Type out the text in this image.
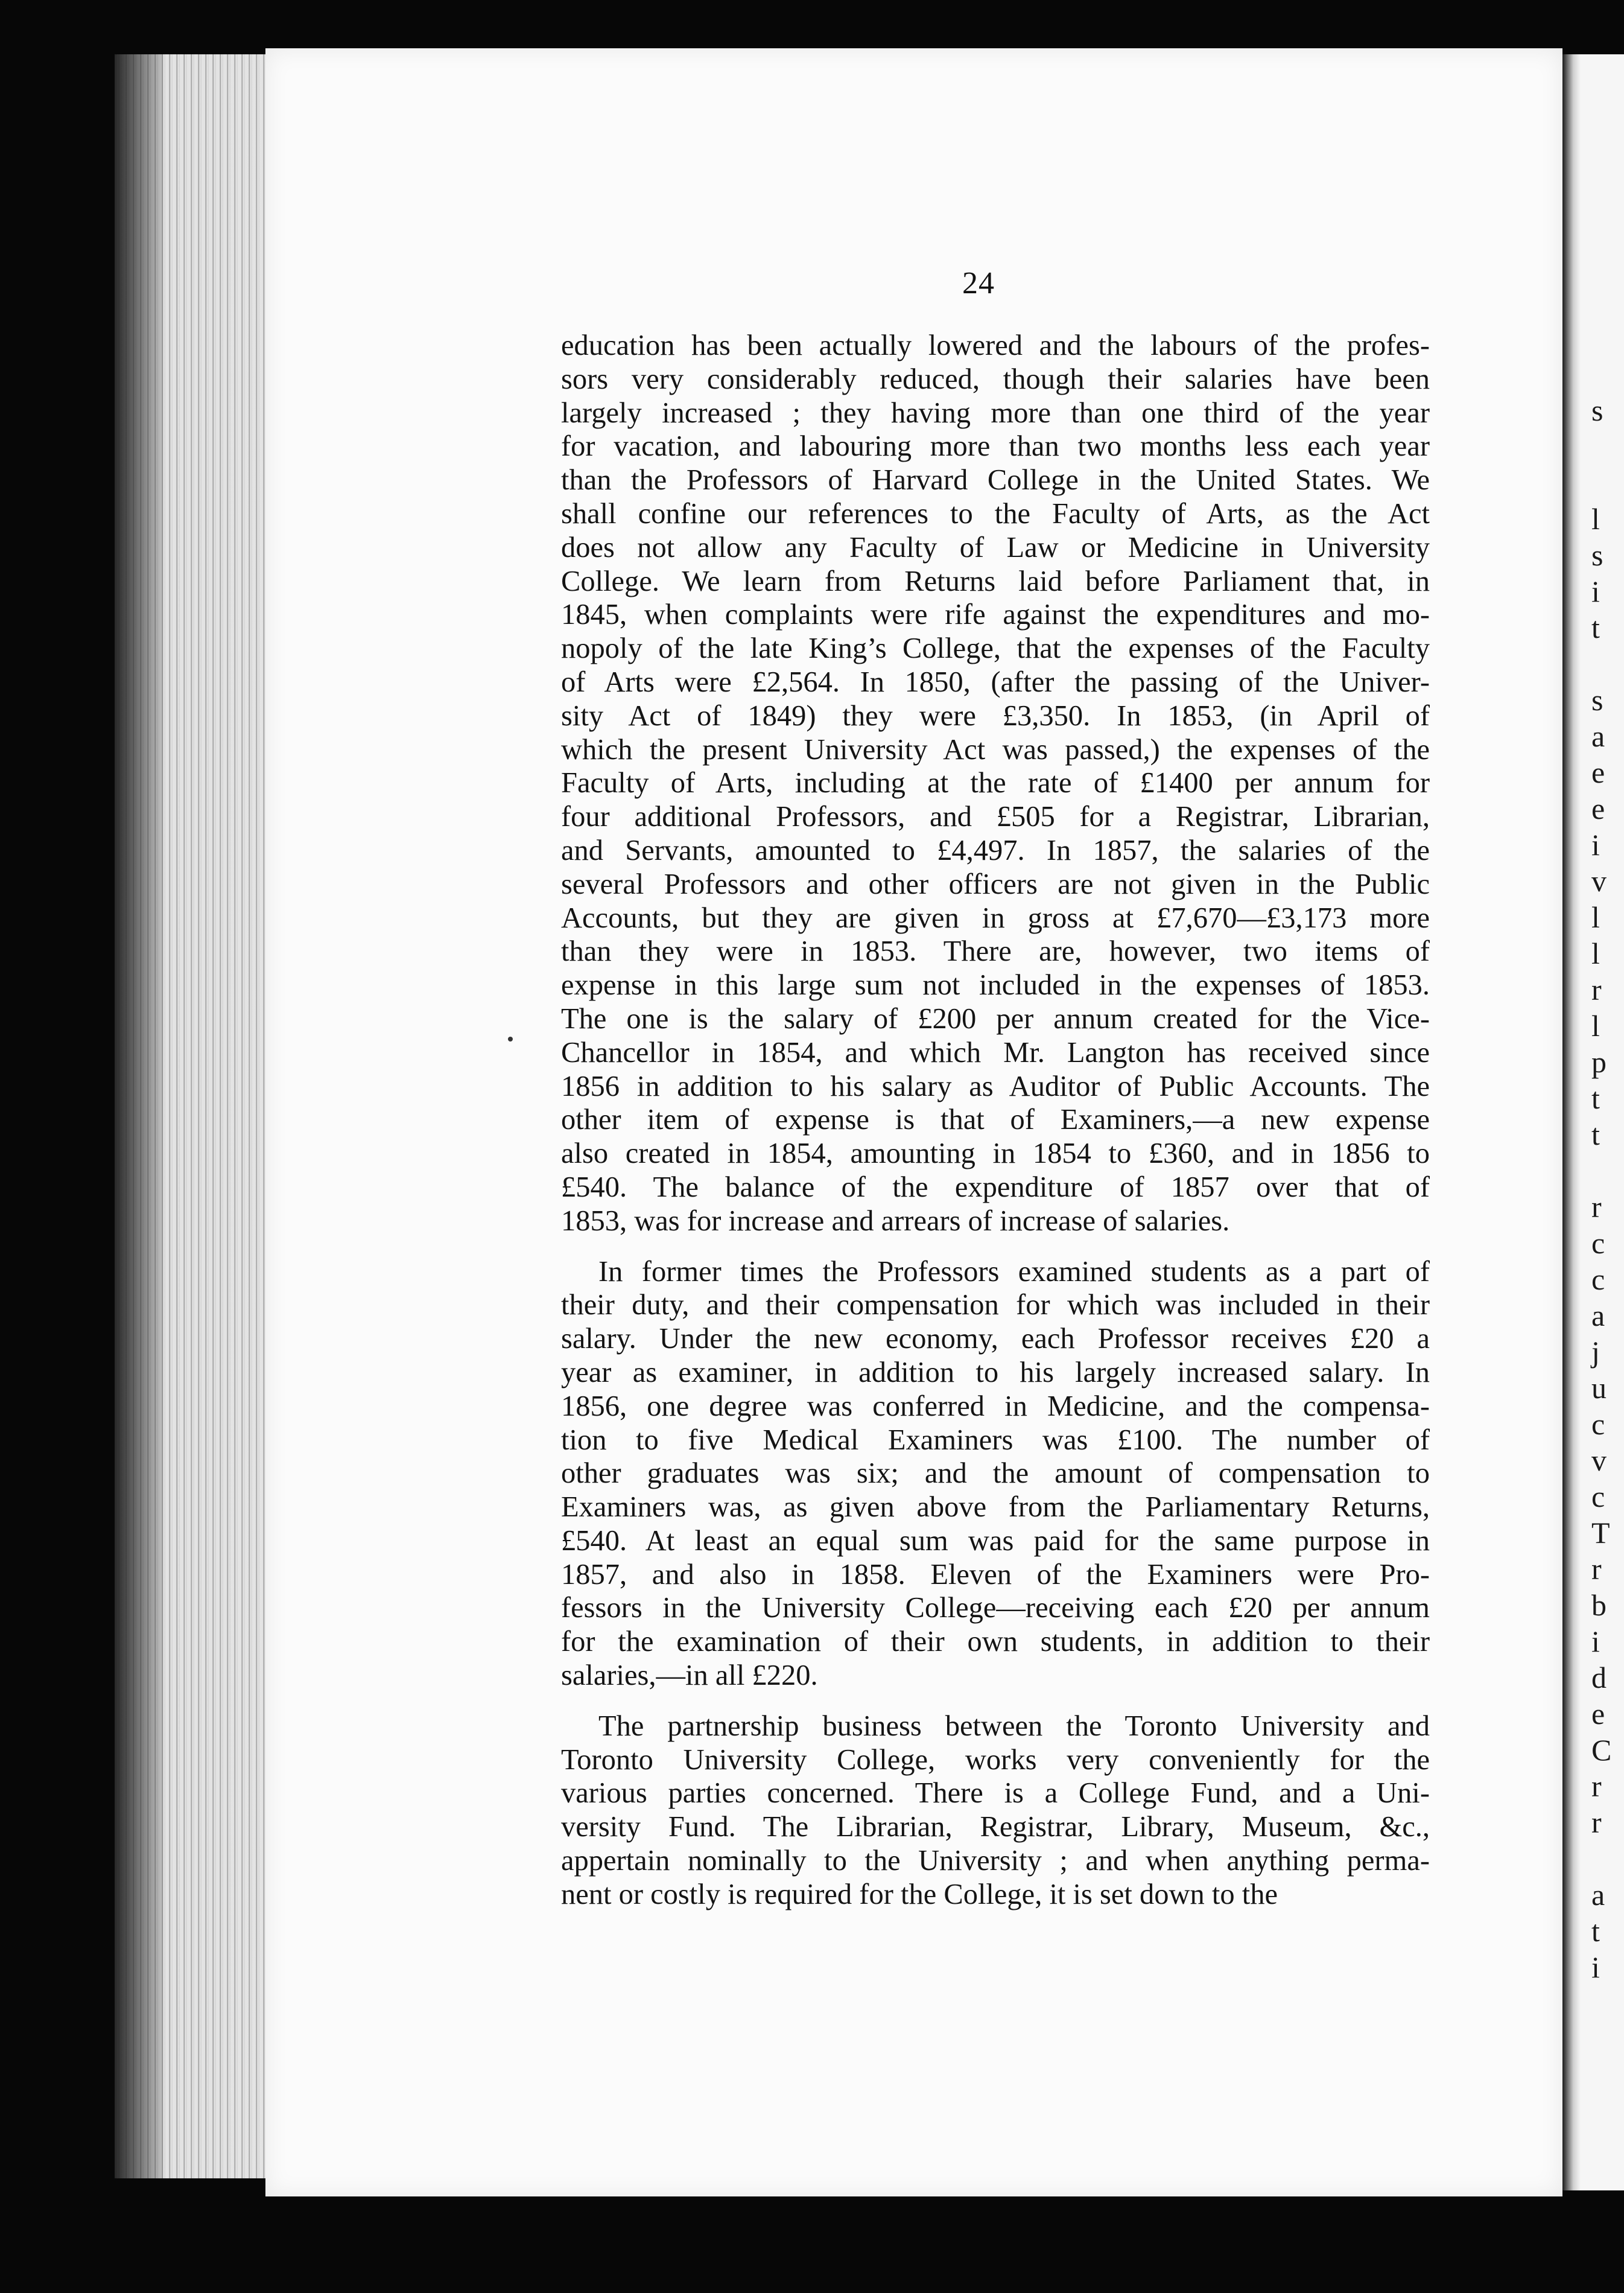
s

l
s
i
t

s
a
e
e
i
v
l
l
r
l
p
t
t

r
c
c
a
j
u
c
v
c
T
r
b
i
d
e
C
r
r

a
t
i
24

education has been actually lowered and the labours of the profes-
sors very considerably reduced, though their salaries have been
largely increased ; they having more than one third of the year
for vacation, and labouring more than two months less each year
than the Professors of Harvard College in the United States. We
shall confine our references to the Faculty of Arts, as the Act
does not allow any Faculty of Law or Medicine in University
College. We learn from Returns laid before Parliament that, in
1845, when complaints were rife against the expenditures and mo-
nopoly of the late King’s College, that the expenses of the Faculty
of Arts were £2,564. In 1850, (after the passing of the Univer-
sity Act of 1849) they were £3,350. In 1853, (in April of
which the present University Act was passed,) the expenses of the
Faculty of Arts, including at the rate of £1400 per annum for
four additional Professors, and £505 for a Registrar, Librarian,
and Servants, amounted to £4,497. In 1857, the salaries of the
several Professors and other officers are not given in the Public
Accounts, but they are given in gross at £7,670—£3,173 more
than they were in 1853. There are, however, two items of
expense in this large sum not included in the expenses of 1853.
The one is the salary of £200 per annum created for the Vice-
Chancellor in 1854, and which Mr. Langton has received since
1856 in addition to his salary as Auditor of Public Accounts. The
other item of expense is that of Examiners,—a new expense
also created in 1854, amounting in 1854 to £360, and in 1856 to
£540. The balance of the expenditure of 1857 over that of
1853, was for increase and arrears of increase of salaries.

In former times the Professors examined students as a part of
their duty, and their compensation for which was included in their
salary. Under the new economy, each Professor receives £20 a
year as examiner, in addition to his largely increased salary. In
1856, one degree was conferred in Medicine, and the compensa-
tion to five Medical Examiners was £100. The number of
other graduates was six; and the amount of compensation to
Examiners was, as given above from the Parliamentary Returns,
£540. At least an equal sum was paid for the same purpose in
1857, and also in 1858. Eleven of the Examiners were Pro-
fessors in the University College—receiving each £20 per annum
for the examination of their own students, in addition to their
salaries,—in all £220.

The partnership business between the Toronto University and
Toronto University College, works very conveniently for the
various parties concerned. There is a College Fund, and a Uni-
versity Fund. The Librarian, Registrar, Library, Museum, &c.,
appertain nominally to the University ; and when anything perma-
nent or costly is required for the College, it is set down to the
